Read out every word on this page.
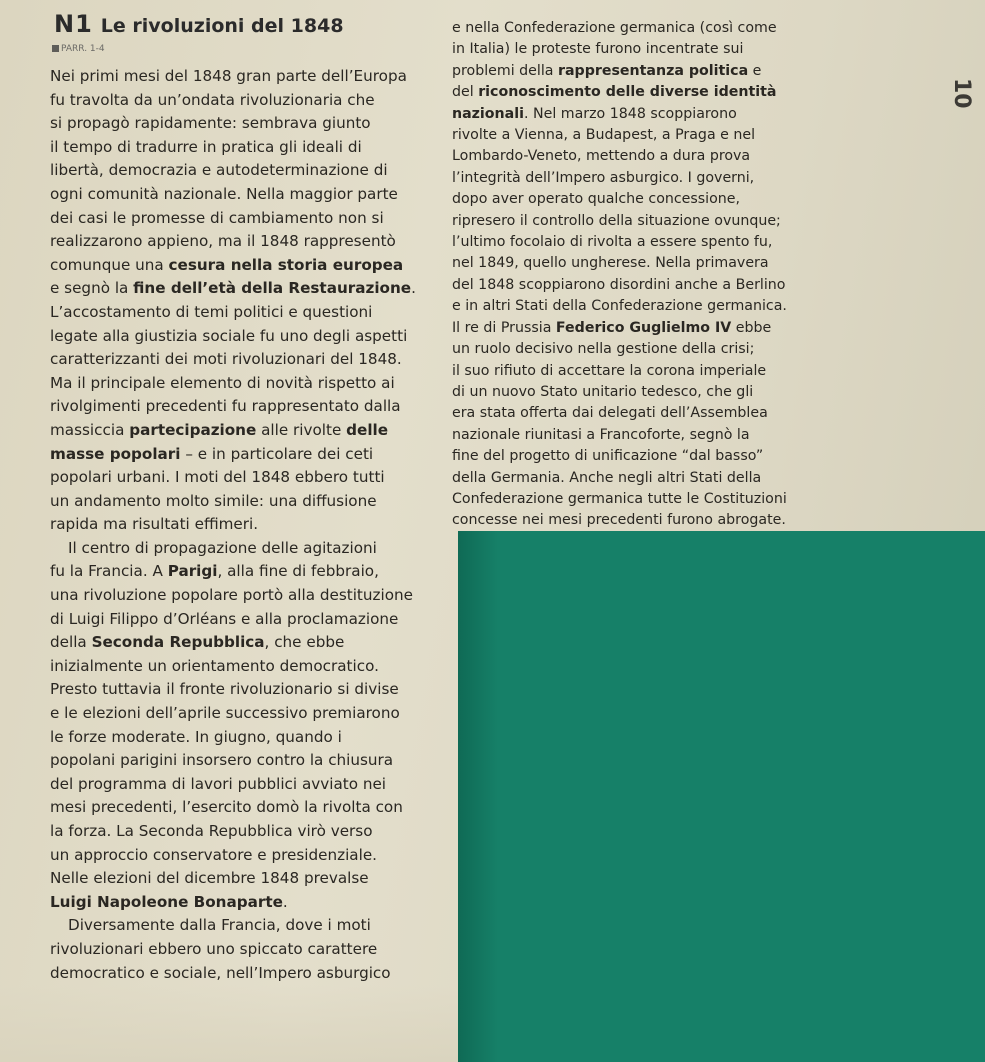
N1 Le rivoluzioni del 1848
PARR. 1-4
Nei primi mesi del 1848 gran parte dell’Europa
fu travolta da un’ondata rivoluzionaria che
si propagò rapidamente: sembrava giunto
il tempo di tradurre in pratica gli ideali di
libertà, democrazia e autodeterminazione di
ogni comunità nazionale. Nella maggior parte
dei casi le promesse di cambiamento non si
realizzarono appieno, ma il 1848 rappresentò
comunque una cesura nella storia europea
e segnò la fine dell’età della Restaurazione.
L’accostamento di temi politici e questioni
legate alla giustizia sociale fu uno degli aspetti
caratterizzanti dei moti rivoluzionari del 1848.
Ma il principale elemento di novità rispetto ai
rivolgimenti precedenti fu rappresentato dalla
massiccia partecipazione alle rivolte delle
masse popolari – e in particolare dei ceti
popolari urbani. I moti del 1848 ebbero tutti
un andamento molto simile: una diffusione
rapida ma risultati effimeri.
Il centro di propagazione delle agitazioni
fu la Francia. A Parigi, alla fine di febbraio,
una rivoluzione popolare portò alla destituzione
di Luigi Filippo d’Orléans e alla proclamazione
della Seconda Repubblica, che ebbe
inizialmente un orientamento democratico.
Presto tuttavia il fronte rivoluzionario si divise
e le elezioni dell’aprile successivo premiarono
le forze moderate. In giugno, quando i
popolani parigini insorsero contro la chiusura
del programma di lavori pubblici avviato nei
mesi precedenti, l’esercito domò la rivolta con
la forza. La Seconda Repubblica virò verso
un approccio conservatore e presidenziale.
Nelle elezioni del dicembre 1848 prevalse
Luigi Napoleone Bonaparte.
Diversamente dalla Francia, dove i moti
rivoluzionari ebbero uno spiccato carattere
democratico e sociale, nell’Impero asburgico
e nella Confederazione germanica (così come
in Italia) le proteste furono incentrate sui
problemi della rappresentanza politica e
del riconoscimento delle diverse identità
nazionali. Nel marzo 1848 scoppiarono
rivolte a Vienna, a Budapest, a Praga e nel
Lombardo-Veneto, mettendo a dura prova
l’integrità dell’Impero asburgico. I governi,
dopo aver operato qualche concessione,
ripresero il controllo della situazione ovunque;
l’ultimo focolaio di rivolta a essere spento fu,
nel 1849, quello ungherese. Nella primavera
del 1848 scoppiarono disordini anche a Berlino
e in altri Stati della Confederazione germanica.
Il re di Prussia Federico Guglielmo IV ebbe
un ruolo decisivo nella gestione della crisi;
il suo rifiuto di accettare la corona imperiale
di un nuovo Stato unitario tedesco, che gli
era stata offerta dai delegati dell’Assemblea
nazionale riunitasi a Francoforte, segnò la
fine del progetto di unificazione “dal basso”
della Germania. Anche negli altri Stati della
Confederazione germanica tutte le Costituzioni
concesse nei mesi precedenti furono abrogate.
10
